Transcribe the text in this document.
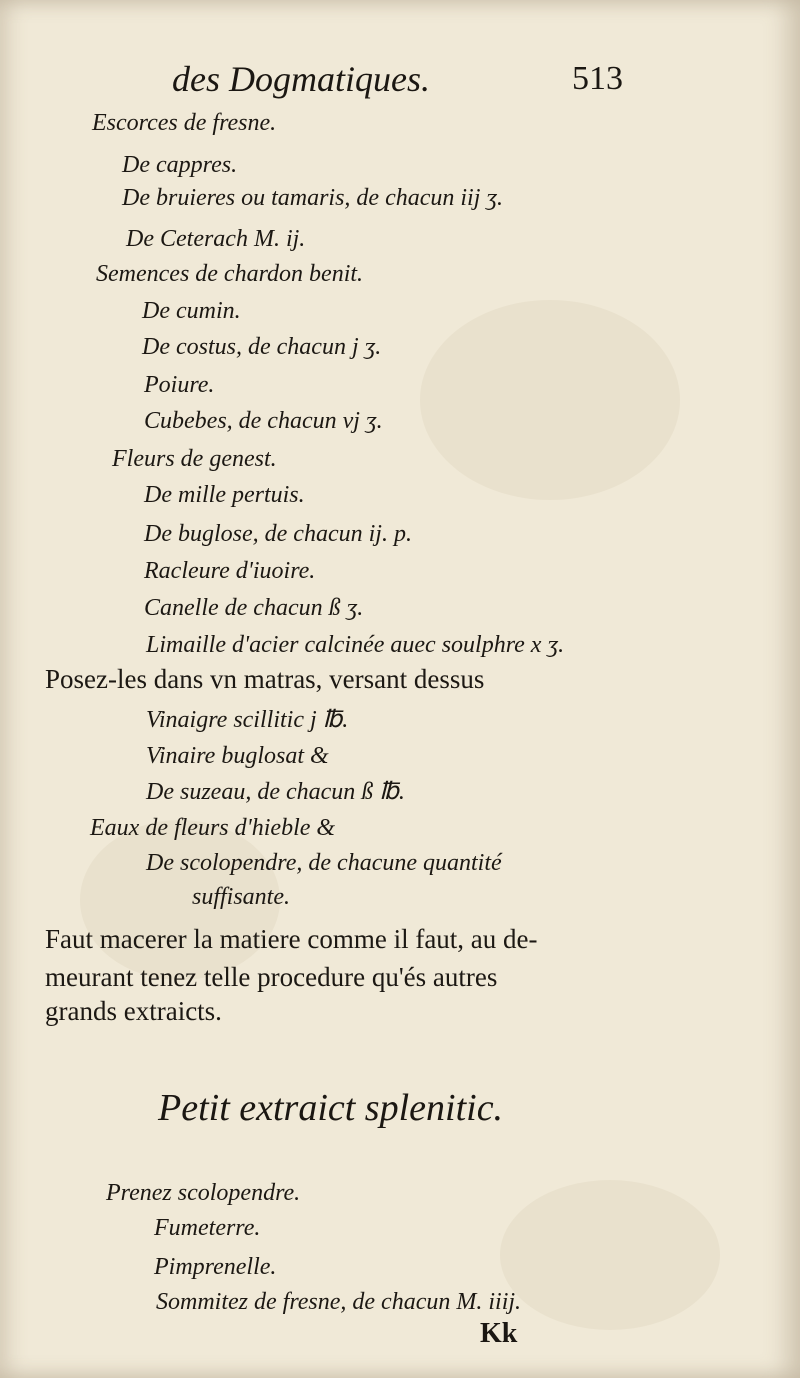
des Dogmatiques.	513
Escorces de fresne.
De cappres.
De bruieres ou tamaris, de chacun iij ʒ.
De Ceterach M. ij.
Semences de chardon benit.
De cumin.
De costus, de chacun j ʒ.
Poiure.
Cubebes, de chacun vj ʒ.
Fleurs de genest.
De mille pertuis.
De buglose, de chacun ij. p.
Racleure d'iuoire.
Canelle de chacun ß ʒ.
Limaille d'acier calcinée auec soulphre x ʒ.
Posez-les dans vn matras, versant dessus
Vinaigre scillitic j ℔.
Vinaire buglosat &
De suzeau, de chacun ß ℔.
Eaux de fleurs d'hieble &
De scolopendre, de chacune quantité
suffisante.
Faut macerer la matiere comme il faut, au de-
meurant tenez telle procedure qu'és autres
grands extraicts.
Petit extraict splenitic.
Prenez scolopendre.
Fumeterre.
Pimprenelle.
Sommitez de fresne, de chacun M. iiij.
Kk
